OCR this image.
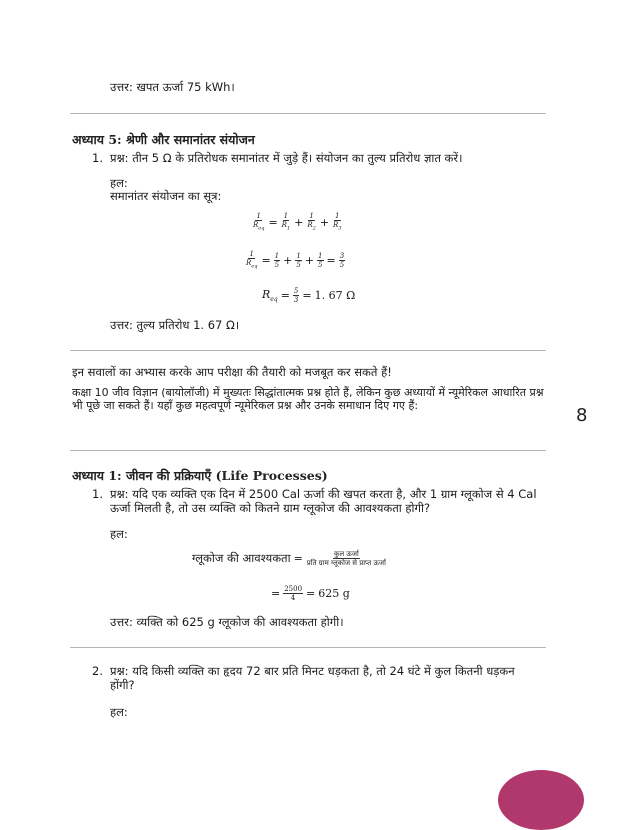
उत्तर: खपत ऊर्जा 75 kWh।
अध्याय 5: श्रेणी और समानांतर संयोजन
1. प्रश्न: तीन 5 Ω के प्रतिरोधक समानांतर में जुड़े हैं। संयोजन का तुल्य प्रतिरोध ज्ञात करें।
हल:
समानांतर संयोजन का सूत्र:
$\frac{1}{R_{eq}} = \frac{1}{R_1} + \frac{1}{R_2} + \frac{1}{R_3}$
$\frac{1}{R_{eq}} = \frac{1}{5} + \frac{1}{5} + \frac{1}{5} = \frac{3}{5}$
$R_{eq} = \frac{5}{3} = 1$. 67 Ω
उत्तर: तुल्य प्रतिरोध 1. 67 Ω।
इन सवालों का अभ्यास करके आप परीक्षा की तैयारी को मजबूत कर सकते हैं!
कक्षा 10 जीव विज्ञान (बायोलॉजी) में मुख्यतः सिद्धांतात्मक प्रश्न होते हैं, लेकिन कुछ अध्यायों में न्यूमेरिकल आधारित प्रश्न भी पूछे जा सकते हैं। यहाँ कुछ महत्वपूर्ण न्यूमेरिकल प्रश्न और उनके समाधान दिए गए हैं:	8
अध्याय 1: जीवन की प्रक्रियाएँ (Life Processes)
1. प्रश्न: यदि एक व्यक्ति एक दिन में 2500 Cal ऊर्जा की खपत करता है, और 1 ग्राम ग्लूकोज से 4 Cal ऊर्जा मिलती है, तो उस व्यक्ति को कितने ग्राम ग्लूकोज की आवश्यकता होगी?
हल:
ग्लूकोज की आवश्यकता = $\frac{\text{कुल ऊर्जा}}{\text{प्रति ग्राम ग्लूकोज से प्राप्त ऊर्जा}}$
= $\frac{2500}{4} = 625$ g
उत्तर: व्यक्ति को 625 g ग्लूकोज की आवश्यकता होगी।
2. प्रश्न: यदि किसी व्यक्ति का हृदय 72 बार प्रति मिनट धड़कता है, तो 24 घंटे में कुल कितनी धड़कन होंगी?
हल:
